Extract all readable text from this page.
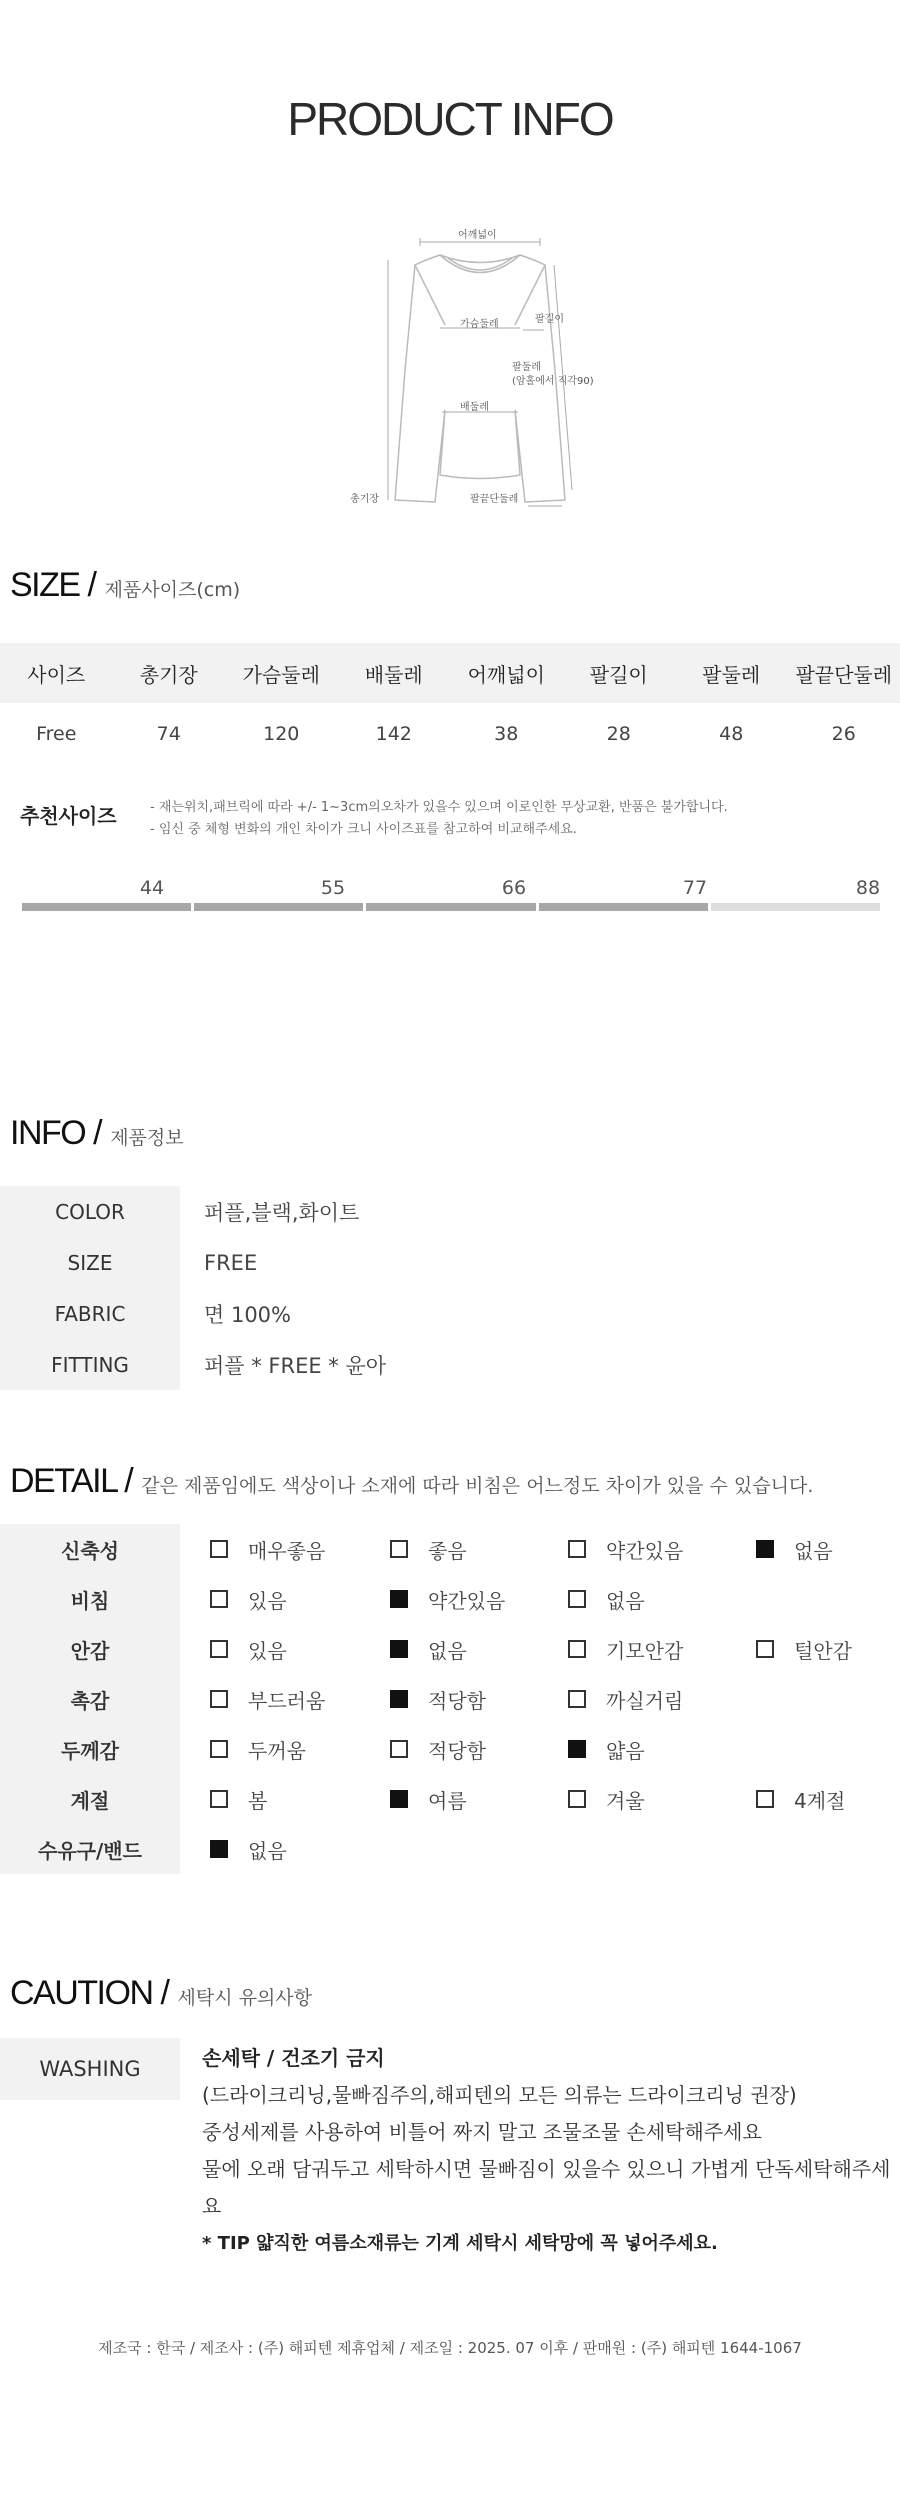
PRODUCT INFO
어깨넓이
가슴둘레	팔길이
팔둘레
(암홀에서 직각90)
배둘레
총기장	팔끝단둘레
SIZE / 제품사이즈(cm)
사이즈	총기장	가슴둘레	배둘레	어깨넓이	팔길이	팔둘레	팔끝단둘레
Free	74	120	142	38	28	48	26
추천사이즈	- 재는위치,패브릭에 따라 +/- 1~3cm의오차가 있을수 있으며 이로인한 무상교환, 반품은 불가합니다.
- 임신 중 체형 변화의 개인 차이가 크니 사이즈표를 참고하여 비교해주세요.
44	55	66	77	88
INFO / 제품정보
COLOR	퍼플,블랙,화이트
SIZE	FREE
FABRIC	면 100%
FITTING	퍼플 * FREE * 윤아
DETAIL / 같은 제품임에도 색상이나 소재에 따라 비침은 어느정도 차이가 있을 수 있습니다.
신축성	매우좋음	좋음	약간있음	없음
비침	있음	약간있음	없음
안감	있음	없음	기모안감	털안감
촉감	부드러움	적당함	까실거림
두께감	두꺼움	적당함	얇음
계절	봄	여름	겨울	4계절
수유구/밴드	없음
CAUTION / 세탁시 유의사항
WASHING	손세탁 / 건조기 금지
(드라이크리닝,물빠짐주의,해피텐의 모든 의류는 드라이크리닝 권장)
중성세제를 사용하여 비틀어 짜지 말고 조물조물 손세탁해주세요
물에 오래 담궈두고 세탁하시면 물빠짐이 있을수 있으니 가볍게 단독세탁해주세요
* TIP 얇직한 여름소재류는 기계 세탁시 세탁망에 꼭 넣어주세요.
제조국 : 한국 / 제조사 : (주) 해피텐 제휴업체 / 제조일 : 2025. 07 이후 / 판매원 : (주) 해피텐 1644-1067
